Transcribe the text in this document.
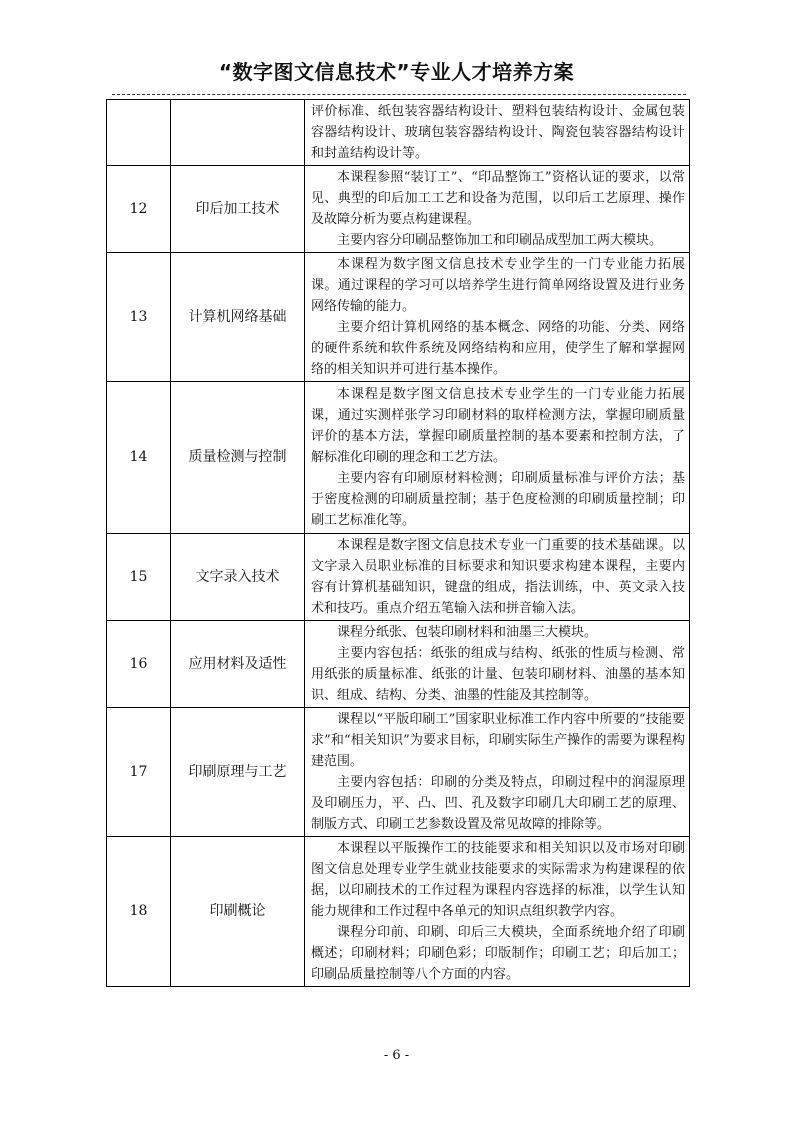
“数字图文信息技术”专业人才培养方案

		评价标准、纸包装容器结构设计、塑料包装结构设计、金属包装容器结构设计、玻璃包装容器结构设计、陶瓷包装容器结构设计和封盖结构设计等。

12	印后加工技术	本课程参照“装订工”、“印品整饰工”资格认证的要求，以常见、典型的印后加工工艺和设备为范围，以印后工艺原理、操作及故障分析为要点构建课程。

主要内容分印刷品整饰加工和印刷品成型加工两大模块。

13	计算机网络基础	本课程为数字图文信息技术专业学生的一门专业能力拓展课。通过课程的学习可以培养学生进行简单网络设置及进行业务网络传输的能力。

主要介绍计算机网络的基本概念、网络的功能、分类、网络的硬件系统和软件系统及网络结构和应用，使学生了解和掌握网络的相关知识并可进行基本操作。

14	质量检测与控制	本课程是数字图文信息技术专业学生的一门专业能力拓展课，通过实测样张学习印刷材料的取样检测方法，掌握印刷质量评价的基本方法，掌握印刷质量控制的基本要素和控制方法，了解标准化印刷的理念和工艺方法。

主要内容有印刷原材料检测；印刷质量标准与评价方法；基于密度检测的印刷质量控制；基于色度检测的印刷质量控制；印刷工艺标准化等。

15	文字录入技术	本课程是数字图文信息技术专业一门重要的技术基础课。以文字录入员职业标准的目标要求和知识要求构建本课程，主要内容有计算机基础知识，键盘的组成，指法训练，中、英文录入技术和技巧。重点介绍五笔输入法和拼音输入法。

16	应用材料及适性	课程分纸张、包装印刷材料和油墨三大模块。

主要内容包括：纸张的组成与结构、纸张的性质与检测、常用纸张的质量标准、纸张的计量、包装印刷材料、油墨的基本知识、组成、结构、分类、油墨的性能及其控制等。

17	印刷原理与工艺	课程以“平版印刷工”国家职业标准工作内容中所要的“技能要求”和“相关知识”为要求目标，印刷实际生产操作的需要为课程构建范围。

主要内容包括：印刷的分类及特点，印刷过程中的润湿原理及印刷压力，平、凸、凹、孔及数字印刷几大印刷工艺的原理、制版方式、印刷工艺参数设置及常见故障的排除等。

18	印刷概论	本课程以平版操作工的技能要求和相关知识以及市场对印刷图文信息处理专业学生就业技能要求的实际需求为构建课程的依据，以印刷技术的工作过程为课程内容选择的标准，以学生认知能力规律和工作过程中各单元的知识点组织教学内容。

课程分印前、印刷、印后三大模块，全面系统地介绍了印刷概述；印刷材料；印刷色彩；印版制作；印刷工艺；印后加工；印刷品质量控制等八个方面的内容。

- 6 -
